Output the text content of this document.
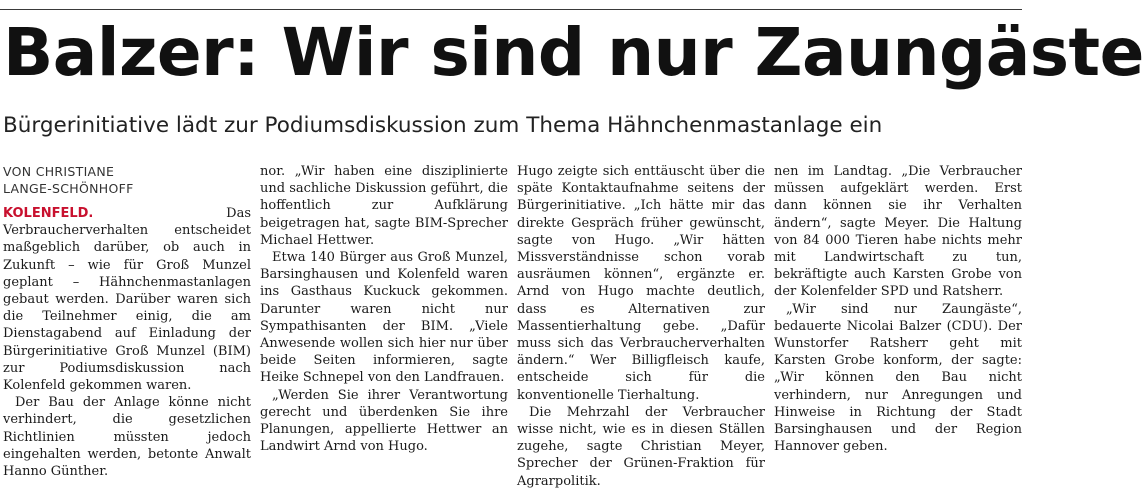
Balzer: Wir sind nur Zaungäste
Bürgerinitiative lädt zur Podiumsdiskussion zum Thema Hähnchenmastanlage ein
VON CHRISTIANE
LANGE-SCHÖNHOFF

KOLENFELD.	Das Verbraucherverhalten entscheidet maßgeblich darüber, ob auch in Zukunft – wie für Groß Munzel geplant – Hähnchenmastanlagen gebaut werden. Darüber waren sich die Teilnehmer einig, die am Dienstagabend auf Einladung der Bürgerinitiative Groß Munzel (BIM) zur Podiumsdiskussion nach Kolenfeld gekommen waren.

Der Bau der Anlage könne nicht verhindert, die gesetzlichen Richtlinien müssten jedoch eingehalten werden, betonte Anwalt Hanno Günther.

nor. „Wir haben eine disziplinierte und sachliche Diskussion geführt, die hoffentlich zur Aufklärung beigetragen hat, sagte BIM-Sprecher Michael Hettwer.

Etwa 140 Bürger aus Groß Munzel, Barsinghausen und Kolenfeld waren ins Gasthaus Kuckuck gekommen. Darunter waren nicht nur Sympathisanten der BIM. „Viele Anwesende wollen sich hier nur über beide Seiten informieren, sagte Heike Schnepel von den Landfrauen.

„Werden Sie ihrer Verantwortung gerecht und überdenken Sie ihre Planungen, appellierte Hettwer an Landwirt Arnd von Hugo.

Hugo zeigte sich enttäuscht über die späte Kontaktaufnahme seitens der Bürgerinitiative. „Ich hätte mir das direkte Gespräch früher gewünscht, sagte von Hugo. „Wir hätten Missverständnisse schon vorab ausräumen können“, ergänzte er. Arnd von Hugo machte deutlich, dass es Alternativen zur Massentierhaltung gebe. „Dafür muss sich das Verbraucherverhalten ändern.“ Wer Billigfleisch kaufe, entscheide sich für die konventionelle Tierhaltung.

Die Mehrzahl der Verbraucher wisse nicht, wie es in diesen Ställen zugehe, sagte Christian Meyer, Sprecher der Grünen-Fraktion für Agrarpolitik.

nen im Landtag. „Die Verbraucher müssen aufgeklärt werden. Erst dann können sie ihr Verhalten ändern“, sagte Meyer. Die Haltung von 84 000 Tieren habe nichts mehr mit Landwirtschaft zu tun, bekräftigte auch Karsten Grobe von der Kolenfelder SPD und Ratsherr.

„Wir sind nur Zaungäste“, bedauerte Nicolai Balzer (CDU). Der Wunstorfer Ratsherr geht mit Karsten Grobe konform, der sagte: „Wir können den Bau nicht verhindern, nur Anregungen und Hinweise in Richtung der Stadt Barsinghausen und der Region Hannover geben.
